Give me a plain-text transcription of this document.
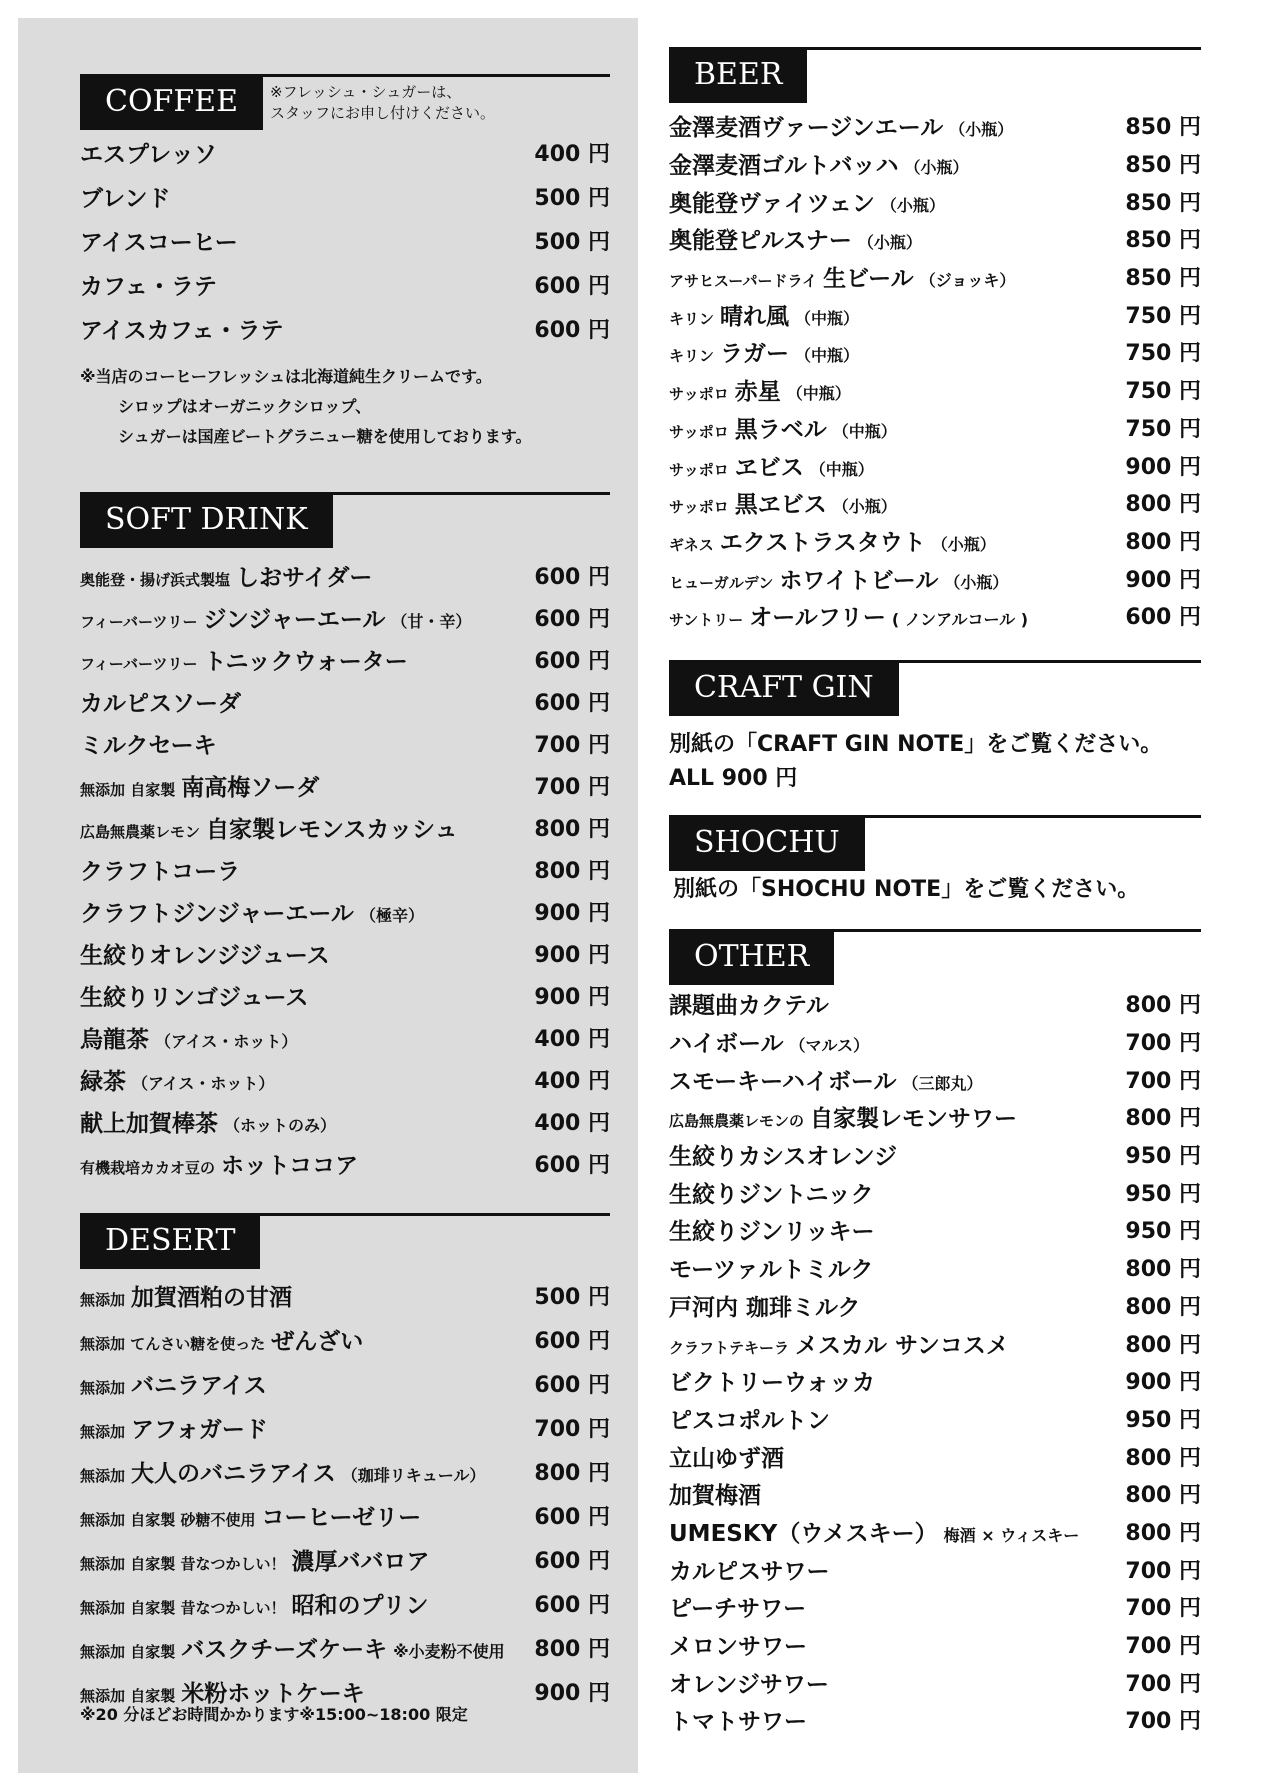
COFFEE	※フレッシュ・シュガーは、
スタッフにお申し付けください。
エスプレッソ	400 円
ブレンド	500 円
アイスコーヒー	500 円
カフェ・ラテ	600 円
アイスカフェ・ラテ	600 円
※当店のコーヒーフレッシュは北海道純生クリームです。
　シロップはオーガニックシロップ、
　シュガーは国産ビートグラニュー糖を使用しております。
SOFT DRINK
奥能登・揚げ浜式製塩 しおサイダー	600 円
フィーバーツリー ジンジャーエール （甘・辛）	600 円
フィーバーツリー トニックウォーター	600 円
カルピスソーダ	600 円
ミルクセーキ	700 円
無添加 自家製 南高梅ソーダ	700 円
広島無農薬レモン 自家製レモンスカッシュ	800 円
クラフトコーラ	800 円
クラフトジンジャーエール （極辛）	900 円
生絞りオレンジジュース	900 円
生絞りリンゴジュース	900 円
烏龍茶 （アイス・ホット）	400 円
緑茶 （アイス・ホット）	400 円
献上加賀棒茶 （ホットのみ）	400 円
有機栽培カカオ豆の ホットココア	600 円
DESERT
無添加 加賀酒粕の甘酒	500 円
無添加 てんさい糖を使った ぜんざい	600 円
無添加 バニラアイス	600 円
無添加 アフォガード	700 円
無添加 大人のバニラアイス （珈琲リキュール） 800 円
無添加 自家製 砂糖不使用 コーヒーゼリー	600 円
無添加 自家製 昔なつかしい！ 濃厚ババロア	600 円
無添加 自家製 昔なつかしい！ 昭和のプリン	600 円
無添加 自家製 バスクチーズケーキ ※小麦粉不使用 800 円
無添加 自家製 米粉ホットケーキ	900 円
※20 分ほどお時間かかります※15:00~18:00 限定
BEER
金澤麦酒ヴァージンエール （小瓶）	850 円
金澤麦酒ゴルトバッハ （小瓶）	850 円
奥能登ヴァイツェン （小瓶）	850 円
奥能登ピルスナー （小瓶）	850 円
アサヒスーパードライ 生ビール （ジョッキ）	850 円
キリン 晴れ風 （中瓶）	750 円
キリン ラガー （中瓶）	750 円
サッポロ 赤星 （中瓶）	750 円
サッポロ 黒ラベル （中瓶）	750 円
サッポロ ヱビス （中瓶）	900 円
サッポロ 黒ヱビス （小瓶）	800 円
ギネス エクストラスタウト （小瓶）	800 円
ヒューガルデン ホワイトビール （小瓶）	900 円
サントリー オールフリー ( ノンアルコール )	600 円
CRAFT GIN
別紙の「CRAFT GIN NOTE」をご覧ください。
ALL 900 円
SHOCHU
別紙の「SHOCHU NOTE」をご覧ください。
OTHER
課題曲カクテル	800 円
ハイボール （マルス）	700 円
スモーキーハイボール （三郎丸）	700 円
広島無農薬レモンの 自家製レモンサワー	800 円
生絞りカシスオレンジ	950 円
生絞りジントニック	950 円
生絞りジンリッキー	950 円
モーツァルトミルク	800 円
戸河内 珈琲ミルク	800 円
クラフトテキーラ メスカル サンコスメ	800 円
ビクトリーウォッカ	900 円
ピスコポルトン	950 円
立山ゆず酒	800 円
加賀梅酒	800 円
UMESKY（ウメスキー） 梅酒 × ウィスキー 800 円
カルピスサワー	700 円
ピーチサワー	700 円
メロンサワー	700 円
オレンジサワー	700 円
トマトサワー	700 円
